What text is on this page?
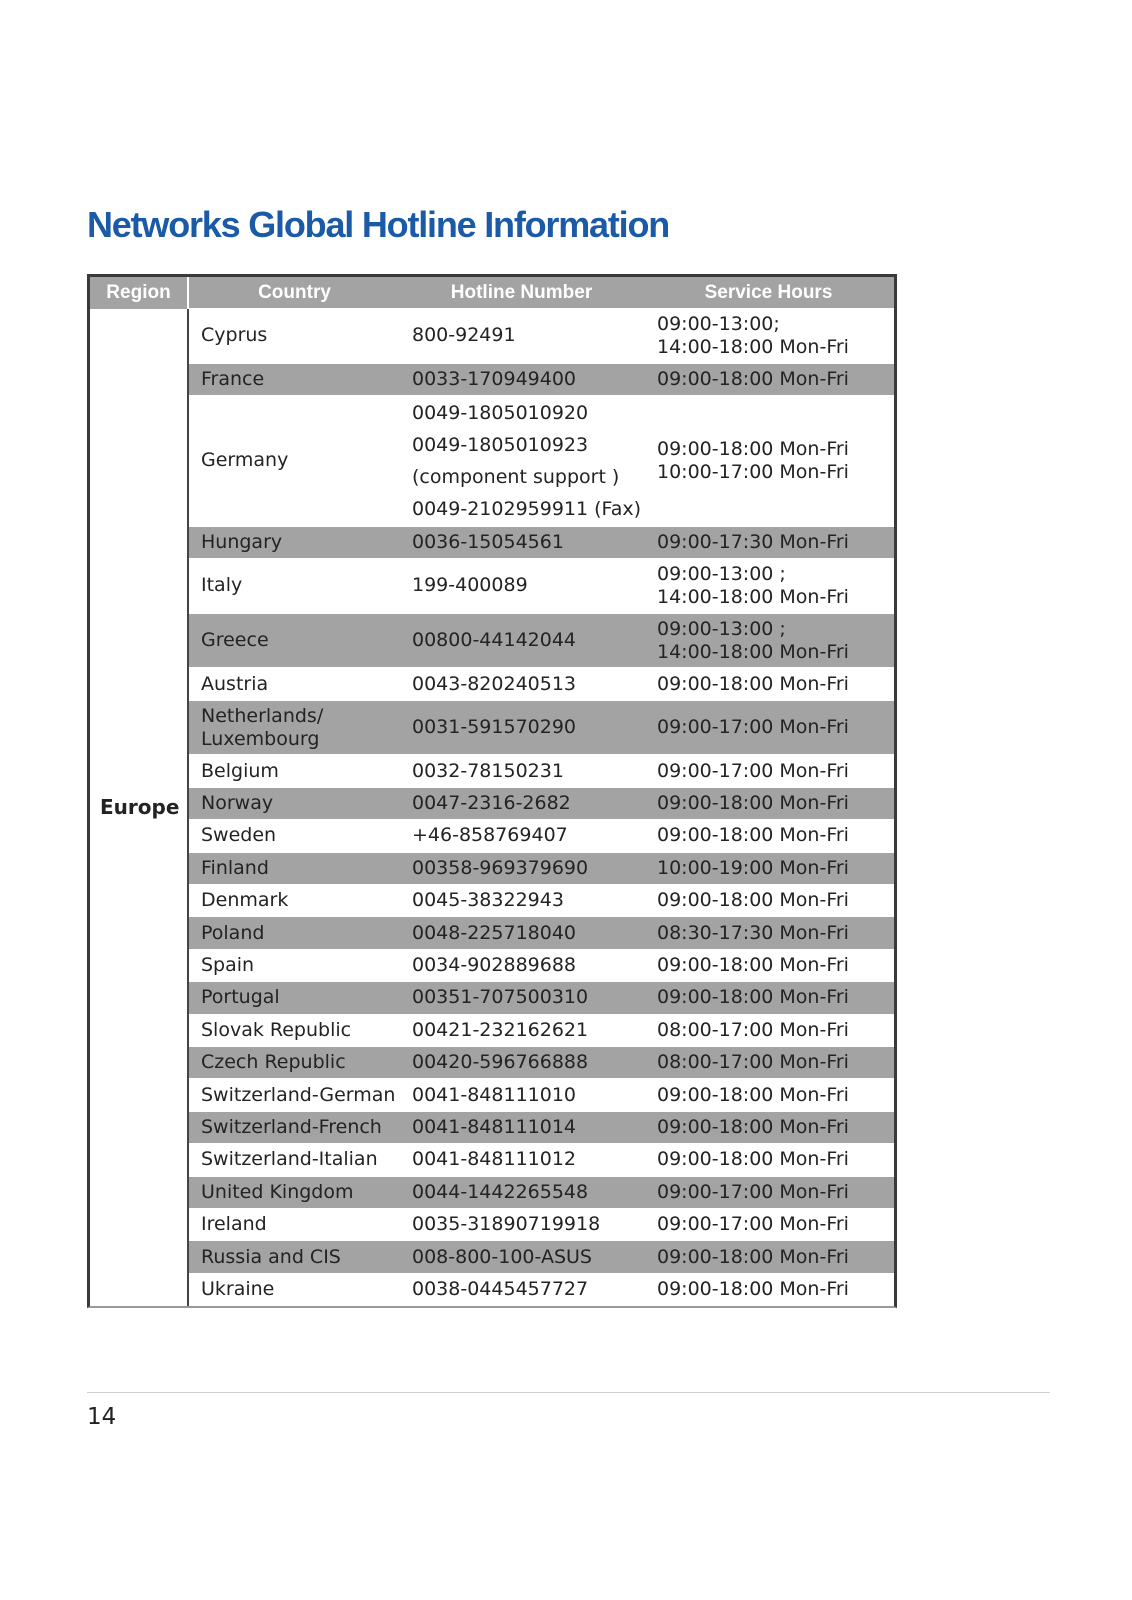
Networks Global Hotline Information
Region	Country	Hotline Number	Service Hours
Europe	Cyprus	800-92491	09:00-13:00;
14:00-18:00 Mon-Fri

	France	0033-170949400	09:00-18:00 Mon-Fri

	Germany	0049-1805010920
0049-1805010923
(component support )
0049-2102959911 (Fax)	09:00-18:00 Mon-Fri
10:00-17:00 Mon-Fri

	Hungary	0036-15054561	09:00-17:30 Mon-Fri

	Italy	199-400089	09:00-13:00 ;
14:00-18:00 Mon-Fri

	Greece	00800-44142044	09:00-13:00 ;
14:00-18:00 Mon-Fri

	Austria	0043-820240513	09:00-18:00 Mon-Fri

	Netherlands/
Luxembourg	0031-591570290	09:00-17:00 Mon-Fri

	Belgium	0032-78150231	09:00-17:00 Mon-Fri

	Norway	0047-2316-2682	09:00-18:00 Mon-Fri

	Sweden	+46-858769407	09:00-18:00 Mon-Fri

	Finland	00358-969379690	10:00-19:00 Mon-Fri

	Denmark	0045-38322943	09:00-18:00 Mon-Fri

	Poland	0048-225718040	08:30-17:30 Mon-Fri

	Spain	0034-902889688	09:00-18:00 Mon-Fri

	Portugal	00351-707500310	09:00-18:00 Mon-Fri

	Slovak Republic	00421-232162621	08:00-17:00 Mon-Fri

	Czech Republic	00420-596766888	08:00-17:00 Mon-Fri

	Switzerland-German	0041-848111010	09:00-18:00 Mon-Fri

	Switzerland-French	0041-848111014	09:00-18:00 Mon-Fri

	Switzerland-Italian	0041-848111012	09:00-18:00 Mon-Fri

	United Kingdom	0044-1442265548	09:00-17:00 Mon-Fri

	Ireland	0035-31890719918	09:00-17:00 Mon-Fri

	Russia and CIS	008-800-100-ASUS	09:00-18:00 Mon-Fri

	Ukraine	0038-0445457727	09:00-18:00 Mon-Fri
14
